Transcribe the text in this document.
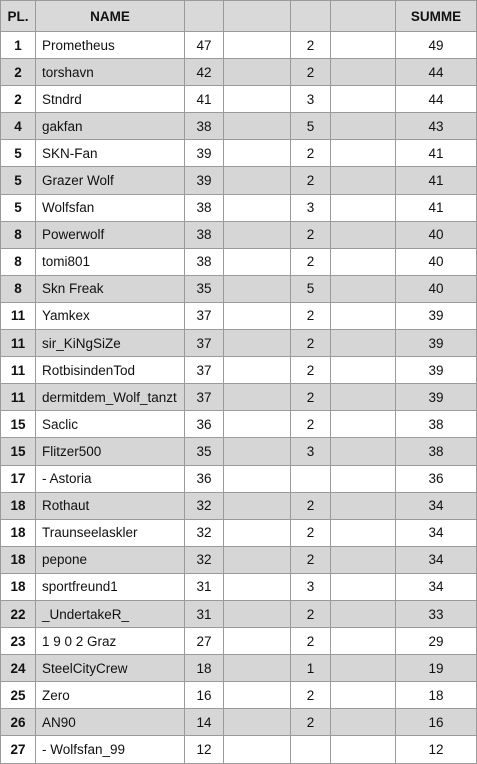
PL.	NAME					SUMME
1	Prometheus	47		2		49
2	torshavn	42		2		44
2	Stndrd	41		3		44
4	gakfan	38		5		43
5	SKN-Fan	39		2		41
5	Grazer Wolf	39		2		41
5	Wolfsfan	38		3		41
8	Powerwolf	38		2		40
8	tomi801	38		2		40
8	Skn Freak	35		5		40
11	Yamkex	37		2		39
11	sir_KiNgSiZe	37		2		39
11	RotbisindenTod	37		2		39
11	dermitdem_Wolf_tanzt	37		2		39
15	Saclic	36		2		38
15	Flitzer500	35		3		38
17	- Astoria	36				36
18	Rothaut	32		2		34
18	Traunseelaskler	32		2		34
18	pepone	32		2		34
18	sportfreund1	31		3		34
22	_UndertakeR_	31		2		33
23	1 9 0 2 Graz	27		2		29
24	SteelCityCrew	18		1		19
25	Zero	16		2		18
26	AN90	14		2		16
27	- Wolfsfan_99	12				12
